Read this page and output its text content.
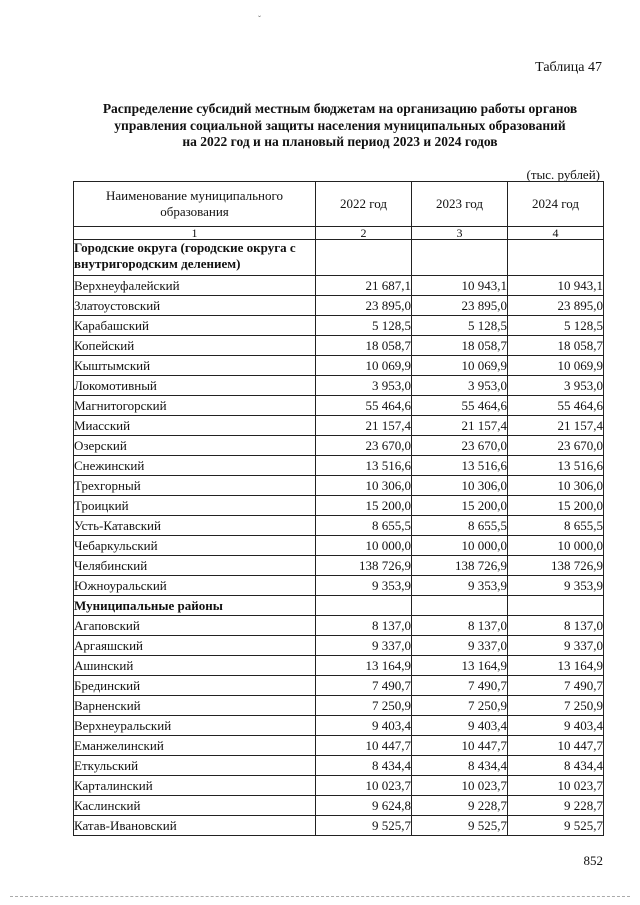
ˇ
Таблица 47
Распределение субсидий местным бюджетам на организацию работы органов
управления социальной защиты населения муниципальных образований
на 2022 год и на плановый период 2023 и 2024 годов
(тыс. рублей)
Наименование муниципального образования	2022 год	2023 год	2024 год
1	2	3	4
Городские округа (городские округа с внутригородским делением)			
Верхнеуфалейский	21 687,1	10 943,1	10 943,1
Златоустовский	23 895,0	23 895,0	23 895,0
Карабашский	5 128,5	5 128,5	5 128,5
Копейский	18 058,7	18 058,7	18 058,7
Кыштымский	10 069,9	10 069,9	10 069,9
Локомотивный	3 953,0	3 953,0	3 953,0
Магнитогорский	55 464,6	55 464,6	55 464,6
Миасский	21 157,4	21 157,4	21 157,4
Озерский	23 670,0	23 670,0	23 670,0
Снежинский	13 516,6	13 516,6	13 516,6
Трехгорный	10 306,0	10 306,0	10 306,0
Троицкий	15 200,0	15 200,0	15 200,0
Усть-Катавский	8 655,5	8 655,5	8 655,5
Чебаркульский	10 000,0	10 000,0	10 000,0
Челябинский	138 726,9	138 726,9	138 726,9
Южноуральский	9 353,9	9 353,9	9 353,9
Муниципальные районы			
Агаповский	8 137,0	8 137,0	8 137,0
Аргаяшский	9 337,0	9 337,0	9 337,0
Ашинский	13 164,9	13 164,9	13 164,9
Брединский	7 490,7	7 490,7	7 490,7
Варненский	7 250,9	7 250,9	7 250,9
Верхнеуральский	9 403,4	9 403,4	9 403,4
Еманжелинский	10 447,7	10 447,7	10 447,7
Еткульский	8 434,4	8 434,4	8 434,4
Карталинский	10 023,7	10 023,7	10 023,7
Каслинский	9 624,8	9 228,7	9 228,7
Катав-Ивановский	9 525,7	9 525,7	9 525,7
852
